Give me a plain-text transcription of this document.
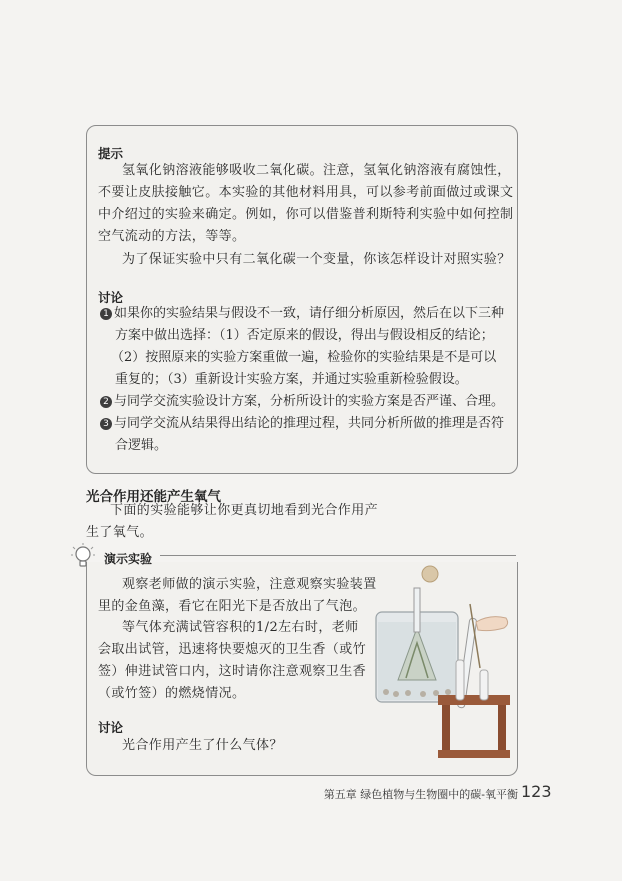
提示
氢氧化钠溶液能够吸收二氧化碳。注意，氢氧化钠溶液有腐蚀性，
不要让皮肤接触它。本实验的其他材料用具，可以参考前面做过或课文
中介绍过的实验来确定。例如，你可以借鉴普利斯特利实验中如何控制
空气流动的方法，等等。
为了保证实验中只有二氧化碳一个变量，你该怎样设计对照实验？
讨论
1 如果你的实验结果与假设不一致，请仔细分析原因，然后在以下三种
方案中做出选择：（1）否定原来的假设，得出与假设相反的结论；
（2）按照原来的实验方案重做一遍，检验你的实验结果是不是可以
重复的；（3）重新设计实验方案，并通过实验重新检验假设。
2 与同学交流实验设计方案，分析所设计的实验方案是否严谨、合理。
3 与同学交流从结果得出结论的推理过程，共同分析所做的推理是否符
合逻辑。
光合作用还能产生氧气
下面的实验能够让你更真切地看到光合作用产
生了氧气。
演示实验
观察老师做的演示实验，注意观察实验装置
里的金鱼藻，看它在阳光下是否放出了气泡。
等气体充满试管容积的1/2左右时，老师
会取出试管，迅速将快要熄灭的卫生香（或竹
签）伸进试管口内，这时请你注意观察卫生香
（或竹签）的燃烧情况。
讨论
光合作用产生了什么气体？
第五章 绿色植物与生物圈中的碳-氧平衡 123
